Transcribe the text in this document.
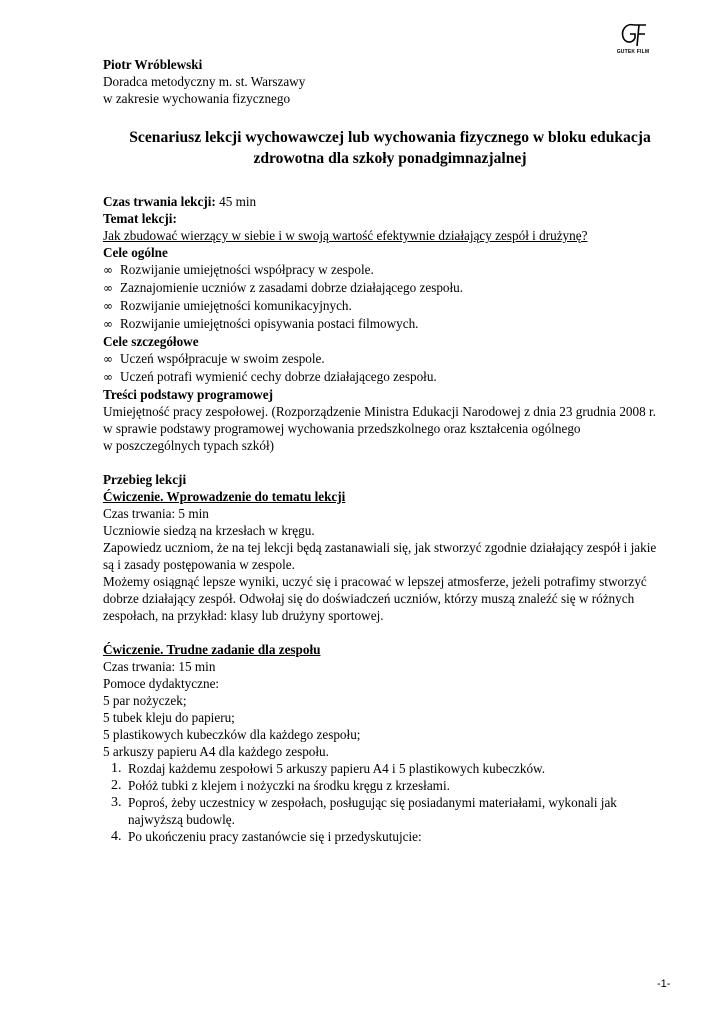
GUTEK FILM
Piotr Wróblewski
Doradca metodyczny m. st. Warszawy
w zakresie wychowania fizycznego
Scenariusz lekcji wychowawczej lub wychowania fizycznego w bloku edukacja
zdrowotna dla szkoły ponadgimnazjalnej
Czas trwania lekcji: 45 min
Temat lekcji:
Jak zbudować wierzący w siebie i w swoją wartość efektywnie działający zespół i drużynę?
Cele ogólne
∞ Rozwijanie umiejętności współpracy w zespole.
∞ Zaznajomienie uczniów z zasadami dobrze działającego zespołu.
∞ Rozwijanie umiejętności komunikacyjnych.
∞ Rozwijanie umiejętności opisywania postaci filmowych.
Cele szczegółowe
∞ Uczeń współpracuje w swoim zespole.
∞ Uczeń potrafi wymienić cechy dobrze działającego zespołu.
Treści podstawy programowej
Umiejętność pracy zespołowej. (Rozporządzenie Ministra Edukacji Narodowej z dnia 23 grudnia 2008 r.
w sprawie podstawy programowej wychowania przedszkolnego oraz kształcenia ogólnego
w poszczególnych typach szkół)
Przebieg lekcji
Ćwiczenie. Wprowadzenie do tematu lekcji
Czas trwania: 5 min
Uczniowie siedzą na krzesłach w kręgu.
Zapowiedz uczniom, że na tej lekcji będą zastanawiali się, jak stworzyć zgodnie działający zespół i jakie
są i zasady postępowania w zespole.
Możemy osiągnąć lepsze wyniki, uczyć się i pracować w lepszej atmosferze, jeżeli potrafimy stworzyć
dobrze działający zespół. Odwołaj się do doświadczeń uczniów, którzy muszą znaleźć się w różnych
zespołach, na przykład: klasy lub drużyny sportowej.
Ćwiczenie. Trudne zadanie dla zespołu
Czas trwania: 15 min
Pomoce dydaktyczne:
5 par nożyczek;
5 tubek kleju do papieru;
5 plastikowych kubeczków dla każdego zespołu;
5 arkuszy papieru A4 dla każdego zespołu.
1. Rozdaj każdemu zespołowi 5 arkuszy papieru A4 i 5 plastikowych kubeczków.
2. Połóż tubki z klejem i nożyczki na środku kręgu z krzesłami.
3. Poproś, żeby uczestnicy w zespołach, posługując się posiadanymi materiałami, wykonali jak
najwyższą budowlę.
4. Po ukończeniu pracy zastanówcie się i przedyskutujcie:
-1-
